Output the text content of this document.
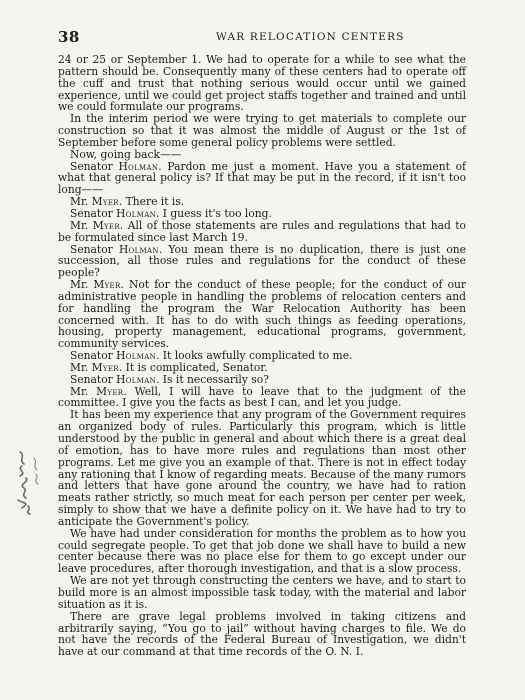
38	WAR RELOCATION CENTERS

24 or 25 or September 1. We had to operate for a while to see what the pattern should be. Consequently many of these centers had to operate off the cuff and trust that nothing serious would occur until we gained experience, until we could get project staffs together and trained and until we could formulate our programs.

In the interim period we were trying to get materials to complete our construction so that it was almost the middle of August or the 1st of September before some general policy problems were settled.

Now, going back——

Senator Holman. Pardon me just a moment. Have you a statement of what that general policy is? If that may be put in the record, if it isn't too long——

Mr. Myer. There it is.

Senator Holman. I guess it's too long.

Mr. Myer. All of those statements are rules and regulations that had to be formulated since last March 19.

Senator Holman. You mean there is no duplication, there is just one succession, all those rules and regulations for the conduct of these people?

Mr. Myer. Not for the conduct of these people; for the conduct of our administrative people in handling the problems of relocation centers and for handling the program the War Relocation Authority has been concerned with. It has to do with such things as feeding operations, housing, property management, educational programs, government, community services.

Senator Holman. It looks awfully complicated to me.

Mr. Myer. It is complicated, Senator.

Senator Holman. Is it necessarily so?

Mr. Myer. Well, I will have to leave that to the judgment of the committee. I give you the facts as best I can, and let you judge.

It has been my experience that any program of the Government requires an organized body of rules. Particularly this program, which is little understood by the public in general and about which there is a great deal of emotion, has to have more rules and regulations than most other programs. Let me give you an example of that. There is not in effect today any rationing that I know of regarding meats. Because of the many rumors and letters that have gone around the country, we have had to ration meats rather strictly, so much meat for each person per center per week, simply to show that we have a definite policy on it. We have had to try to anticipate the Government's policy.

We have had under consideration for months the problem as to how you could segregate people. To get that job done we shall have to build a new center because there was no place else for them to go except under our leave procedures, after thorough investigation, and that is a slow process.

We are not yet through constructing the centers we have, and to start to build more is an almost impossible task today, with the material and labor situation as it is.

There are grave legal problems involved in taking citizens and arbitrarily saying, “You go to jail” without having charges to file. We do not have the records of the Federal Bureau of Investigation, we didn't have at our command at that time records of the O. N. I.
